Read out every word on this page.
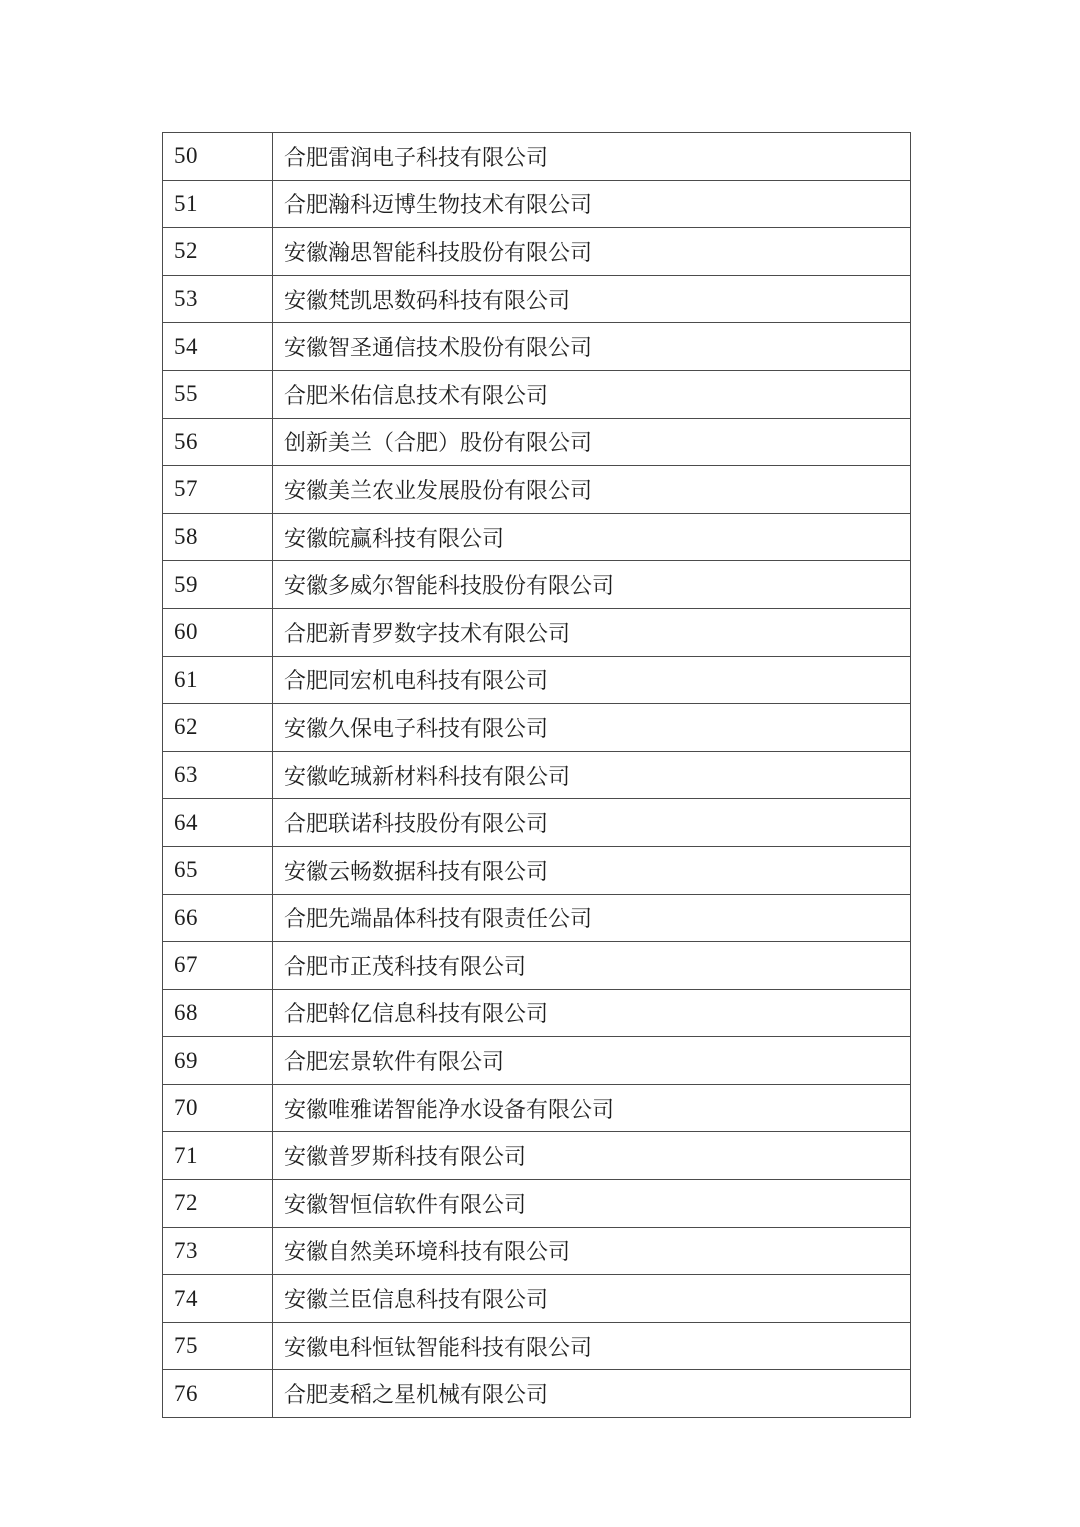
50	合肥雷润电子科技有限公司
51	合肥瀚科迈博生物技术有限公司
52	安徽瀚思智能科技股份有限公司
53	安徽梵凯思数码科技有限公司
54	安徽智圣通信技术股份有限公司
55	合肥米佑信息技术有限公司
56	创新美兰（合肥）股份有限公司
57	安徽美兰农业发展股份有限公司
58	安徽皖赢科技有限公司
59	安徽多威尔智能科技股份有限公司
60	合肥新青罗数字技术有限公司
61	合肥同宏机电科技有限公司
62	安徽久保电子科技有限公司
63	安徽屹珹新材料科技有限公司
64	合肥联诺科技股份有限公司
65	安徽云畅数据科技有限公司
66	合肥先端晶体科技有限责任公司
67	合肥市正茂科技有限公司
68	合肥斡亿信息科技有限公司
69	合肥宏景软件有限公司
70	安徽唯雅诺智能净水设备有限公司
71	安徽普罗斯科技有限公司
72	安徽智恒信软件有限公司
73	安徽自然美环境科技有限公司
74	安徽兰臣信息科技有限公司
75	安徽电科恒钛智能科技有限公司
76	合肥麦稻之星机械有限公司
